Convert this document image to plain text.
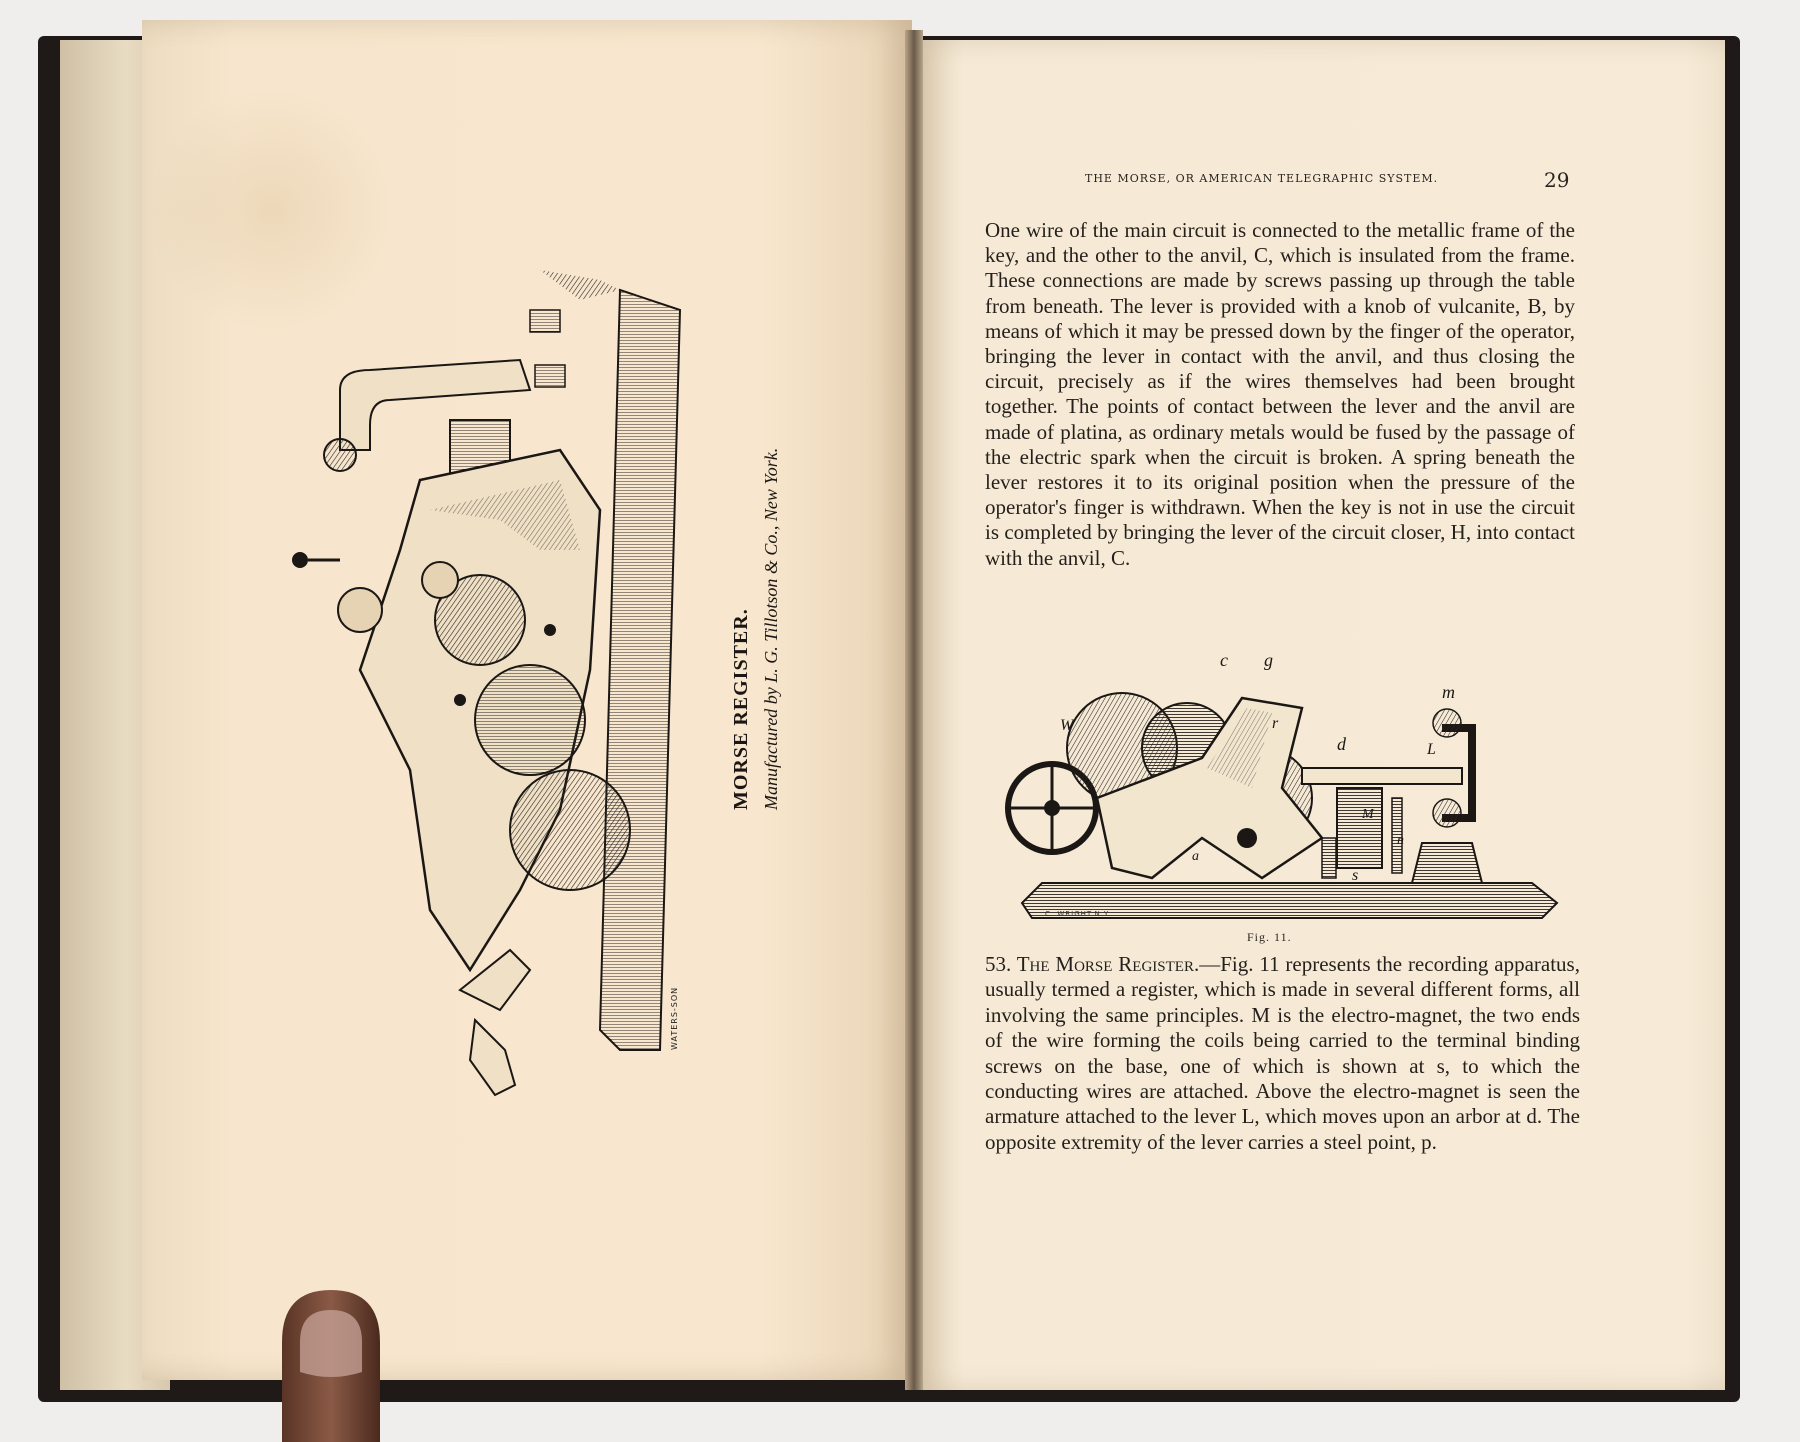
MORSE REGISTER. Manufactured by L. G. Tillotson & Co., New York.
WATERS-SON
THE MORSE, OR AMERICAN TELEGRAPHIC SYSTEM.	29
One wire of the main circuit is connected to the metallic frame of the key, and the other to the anvil, C, which is insulated from the frame. These connections are made by screws passing up through the table from beneath. The lever is provided with a knob of vulcanite, B, by means of which it may be pressed down by the finger of the operator, bringing the lever in contact with the anvil, and thus closing the circuit, precisely as if the wires themselves had been brought together. The points of contact between the lever and the anvil are made of platina, as ordinary metals would be fused by the passage of the electric spark when the circuit is broken. A spring beneath the lever restores it to its original position when the pressure of the operator's finger is withdrawn. When the key is not in use the circuit is completed by bringing the lever of the circuit closer, H, into contact with the anvil, C.
c g
m
W	r
d	L
M
a
s
n
C. WRIGHT.N.Y.
Fig. 11.
53. The Morse Register.—Fig. 11 represents the recording apparatus, usually termed a register, which is made in several different forms, all involving the same principles. M is the electro-magnet, the two ends of the wire forming the coils being carried to the terminal binding screws on the base, one of which is shown at s, to which the conducting wires are attached. Above the electro-magnet is seen the armature attached to the lever L, which moves upon an arbor at d. The opposite extremity of the lever carries a steel point, p.
